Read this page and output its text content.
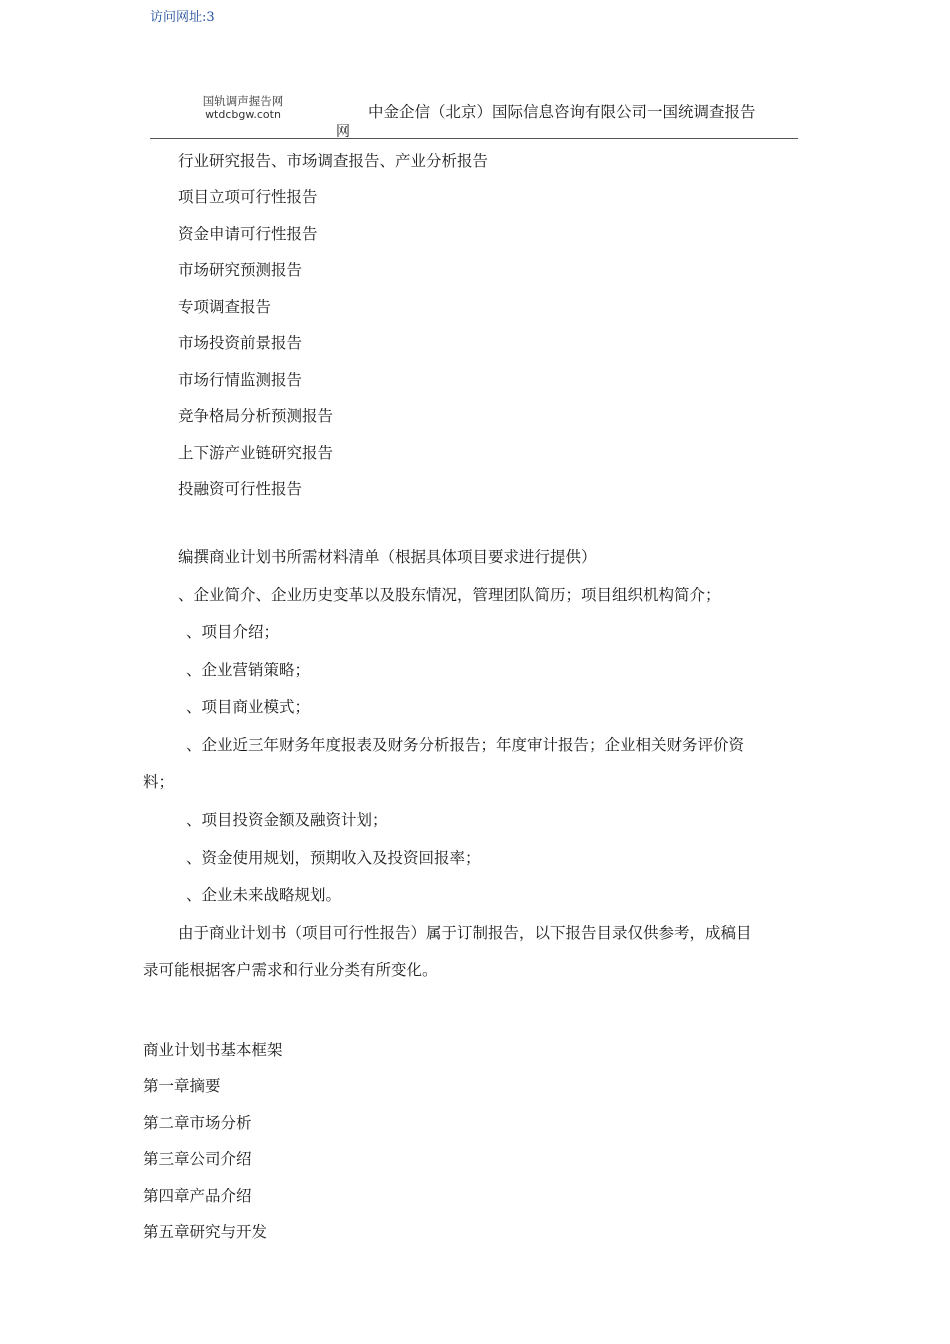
访问网址:3
国轨调声握告网
wtdcbgw.cotn	中金企信（北京）国际信息咨询有限公司一国统调查报告
网
行业研究报告、市场调查报告、产业分析报告
项目立项可行性报告
资金申请可行性报告
市场研究预测报告
专项调查报告
市场投资前景报告
市场行情监测报告
竞争格局分析预测报告
上下游产业链研究报告
投融资可行性报告
编撰商业计划书所需材料清单（根据具体项目要求进行提供）
、企业简介、企业历史变革以及股东情况，管理团队简历；项目组织机构简介；
、项目介绍；
、企业营销策略；
、项目商业模式；
、企业近三年财务年度报表及财务分析报告；年度审计报告；企业相关财务评价资
料；
、项目投资金额及融资计划；
、资金使用规划，预期收入及投资回报率；
、企业未来战略规划。
由于商业计划书（项目可行性报告）属于订制报告，以下报告目录仅供参考，成稿目
录可能根据客户需求和行业分类有所变化。
商业计划书基本框架
第一章摘要
第二章市场分析
第三章公司介绍
第四章产品介绍
第五章研究与开发
